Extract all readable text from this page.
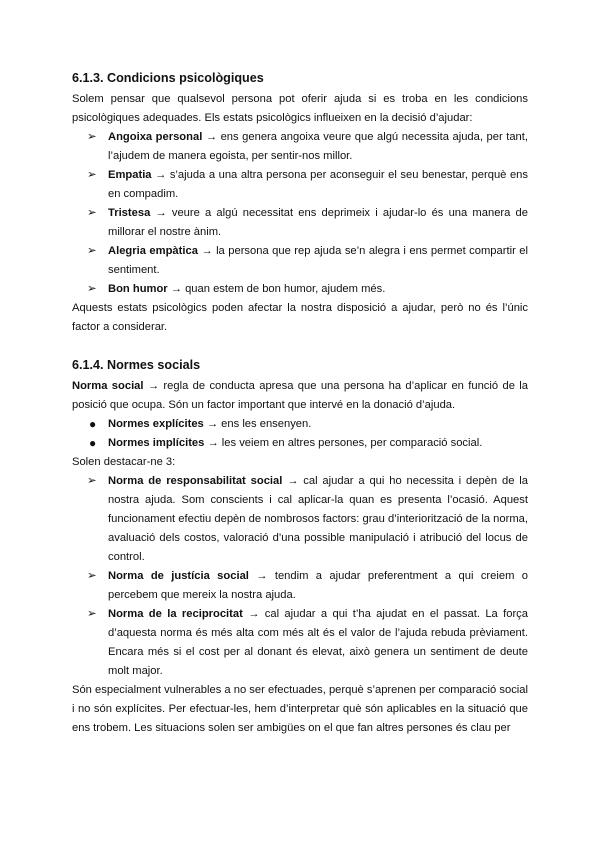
6.1.3. Condicions psicològiques

Solem pensar que qualsevol persona pot oferir ajuda si es troba en les condicions psicològiques adequades. Els estats psicològics influeixen en la decisió d’ajudar:

➢ Angoixa personal → ens genera angoixa veure que algú necessita ajuda, per tant, l’ajudem de manera egoista, per sentir-nos millor.
➢ Empatia → s’ajuda a una altra persona per aconseguir el seu benestar, perquè ens en compadim.
➢ Tristesa → veure a algú necessitat ens deprimeix i ajudar-lo és una manera de millorar el nostre ànim.
➢ Alegria empàtica → la persona que rep ajuda se’n alegra i ens permet compartir el sentiment.
➢ Bon humor → quan estem de bon humor, ajudem més.

Aquests estats psicològics poden afectar la nostra disposició a ajudar, però no és l’únic factor a considerar.

6.1.4. Normes socials

Norma social → regla de conducta apresa que una persona ha d’aplicar en funció de la posició que ocupa. Són un factor important que intervé en la donació d’ajuda.

● Normes explícites → ens les ensenyen.
● Normes implícites → les veiem en altres persones, per comparació social.

Solen destacar-ne 3:

➢ Norma de responsabilitat social → cal ajudar a qui ho necessita i depèn de la nostra ajuda. Som conscients i cal aplicar-la quan es presenta l’ocasió. Aquest funcionament efectiu depèn de nombrosos factors: grau d’interiorització de la norma, avaluació dels costos, valoració d’una possible manipulació i atribució del locus de control.
➢ Norma de justícia social → tendim a ajudar preferentment a qui creiem o percebem que mereix la nostra ajuda.
➢ Norma de la reciprocitat → cal ajudar a qui t’ha ajudat en el passat. La força d’aquesta norma és més alta com més alt és el valor de l’ajuda rebuda prèviament. Encara més si el cost per al donant és elevat, això genera un sentiment de deute molt major.

Són especialment vulnerables a no ser efectuades, perquè s’aprenen per comparació social i no són explícites. Per efectuar-les, hem d’interpretar què són aplicables en la situació que ens trobem. Les situacions solen ser ambigües on el que fan altres persones és clau per
